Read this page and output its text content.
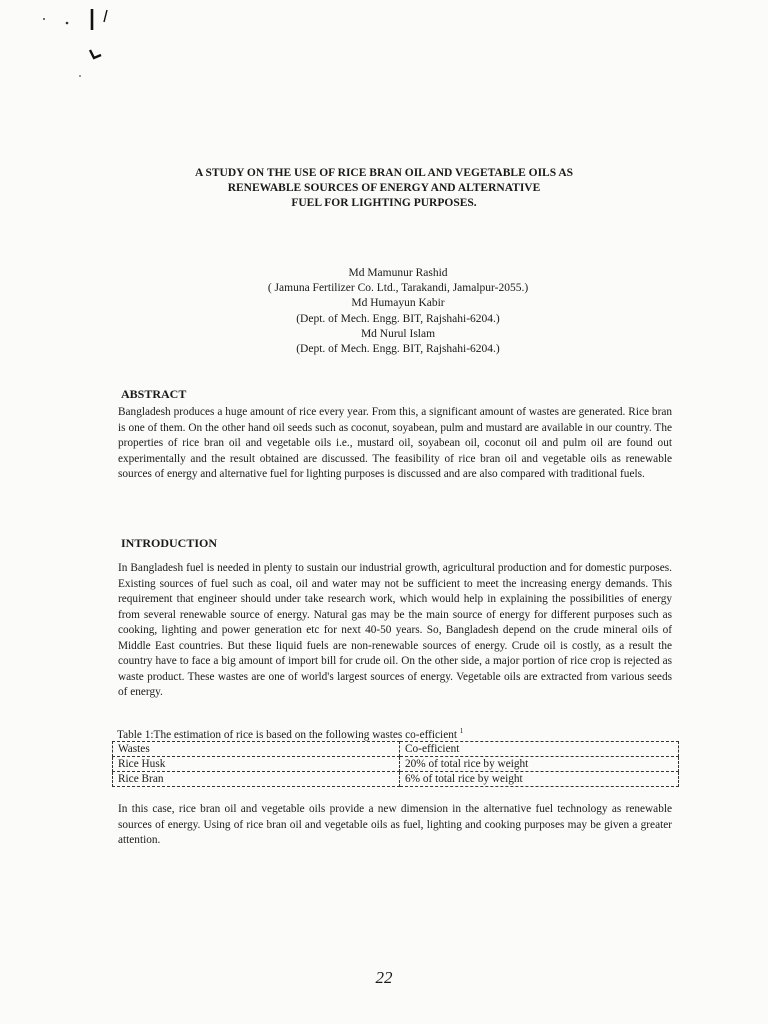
A STUDY ON THE USE OF RICE BRAN OIL AND VEGETABLE OILS AS
RENEWABLE SOURCES OF ENERGY AND ALTERNATIVE
FUEL FOR LIGHTING PURPOSES.
Md Mamunur Rashid
( Jamuna Fertilizer Co. Ltd., Tarakandi, Jamalpur-2055.)
Md Humayun Kabir
(Dept. of Mech. Engg. BIT, Rajshahi-6204.)
Md Nurul Islam
(Dept. of Mech. Engg. BIT, Rajshahi-6204.)
ABSTRACT

Bangladesh produces a huge amount of rice every year. From this, a significant amount of wastes are generated. Rice bran is one of them. On the other hand oil seeds such as coconut, soyabean, pulm and mustard are available in our country. The properties of rice bran oil and vegetable oils i.e., mustard oil, soyabean oil, coconut oil and pulm oil are found out experimentally and the result obtained are discussed. The feasibility of rice bran oil and vegetable oils as renewable sources of energy and alternative fuel for lighting purposes is discussed and are also compared with traditional fuels.

INTRODUCTION

In Bangladesh fuel is needed in plenty to sustain our industrial growth, agricultural production and for domestic purposes. Existing sources of fuel such as coal, oil and water may not be sufficient to meet the increasing energy demands. This requirement that engineer should under take research work, which would help in explaining the possibilities of energy from several renewable source of energy. Natural gas may be the main source of energy for different purposes such as cooking, lighting and power generation etc for next 40-50 years. So, Bangladesh depend on the crude mineral oils of Middle East countries. But these liquid fuels are non-renewable sources of energy. Crude oil is costly, as a result the country have to face a big amount of import bill for crude oil. On the other side, a major portion of rice crop is rejected as waste product. These wastes are one of world's largest sources of energy. Vegetable oils are extracted from various seeds of energy.

Table 1:The estimation of rice is based on the following wastes co-efficient $^1$
Wastes	Co-efficient
Rice Husk	20% of total rice by weight
Rice Bran	6% of total rice by weight

In this case, rice bran oil and vegetable oils provide a new dimension in the alternative fuel technology as renewable sources of energy. Using of rice bran oil and vegetable oils as fuel, lighting and cooking purposes may be given a greater attention.

22
